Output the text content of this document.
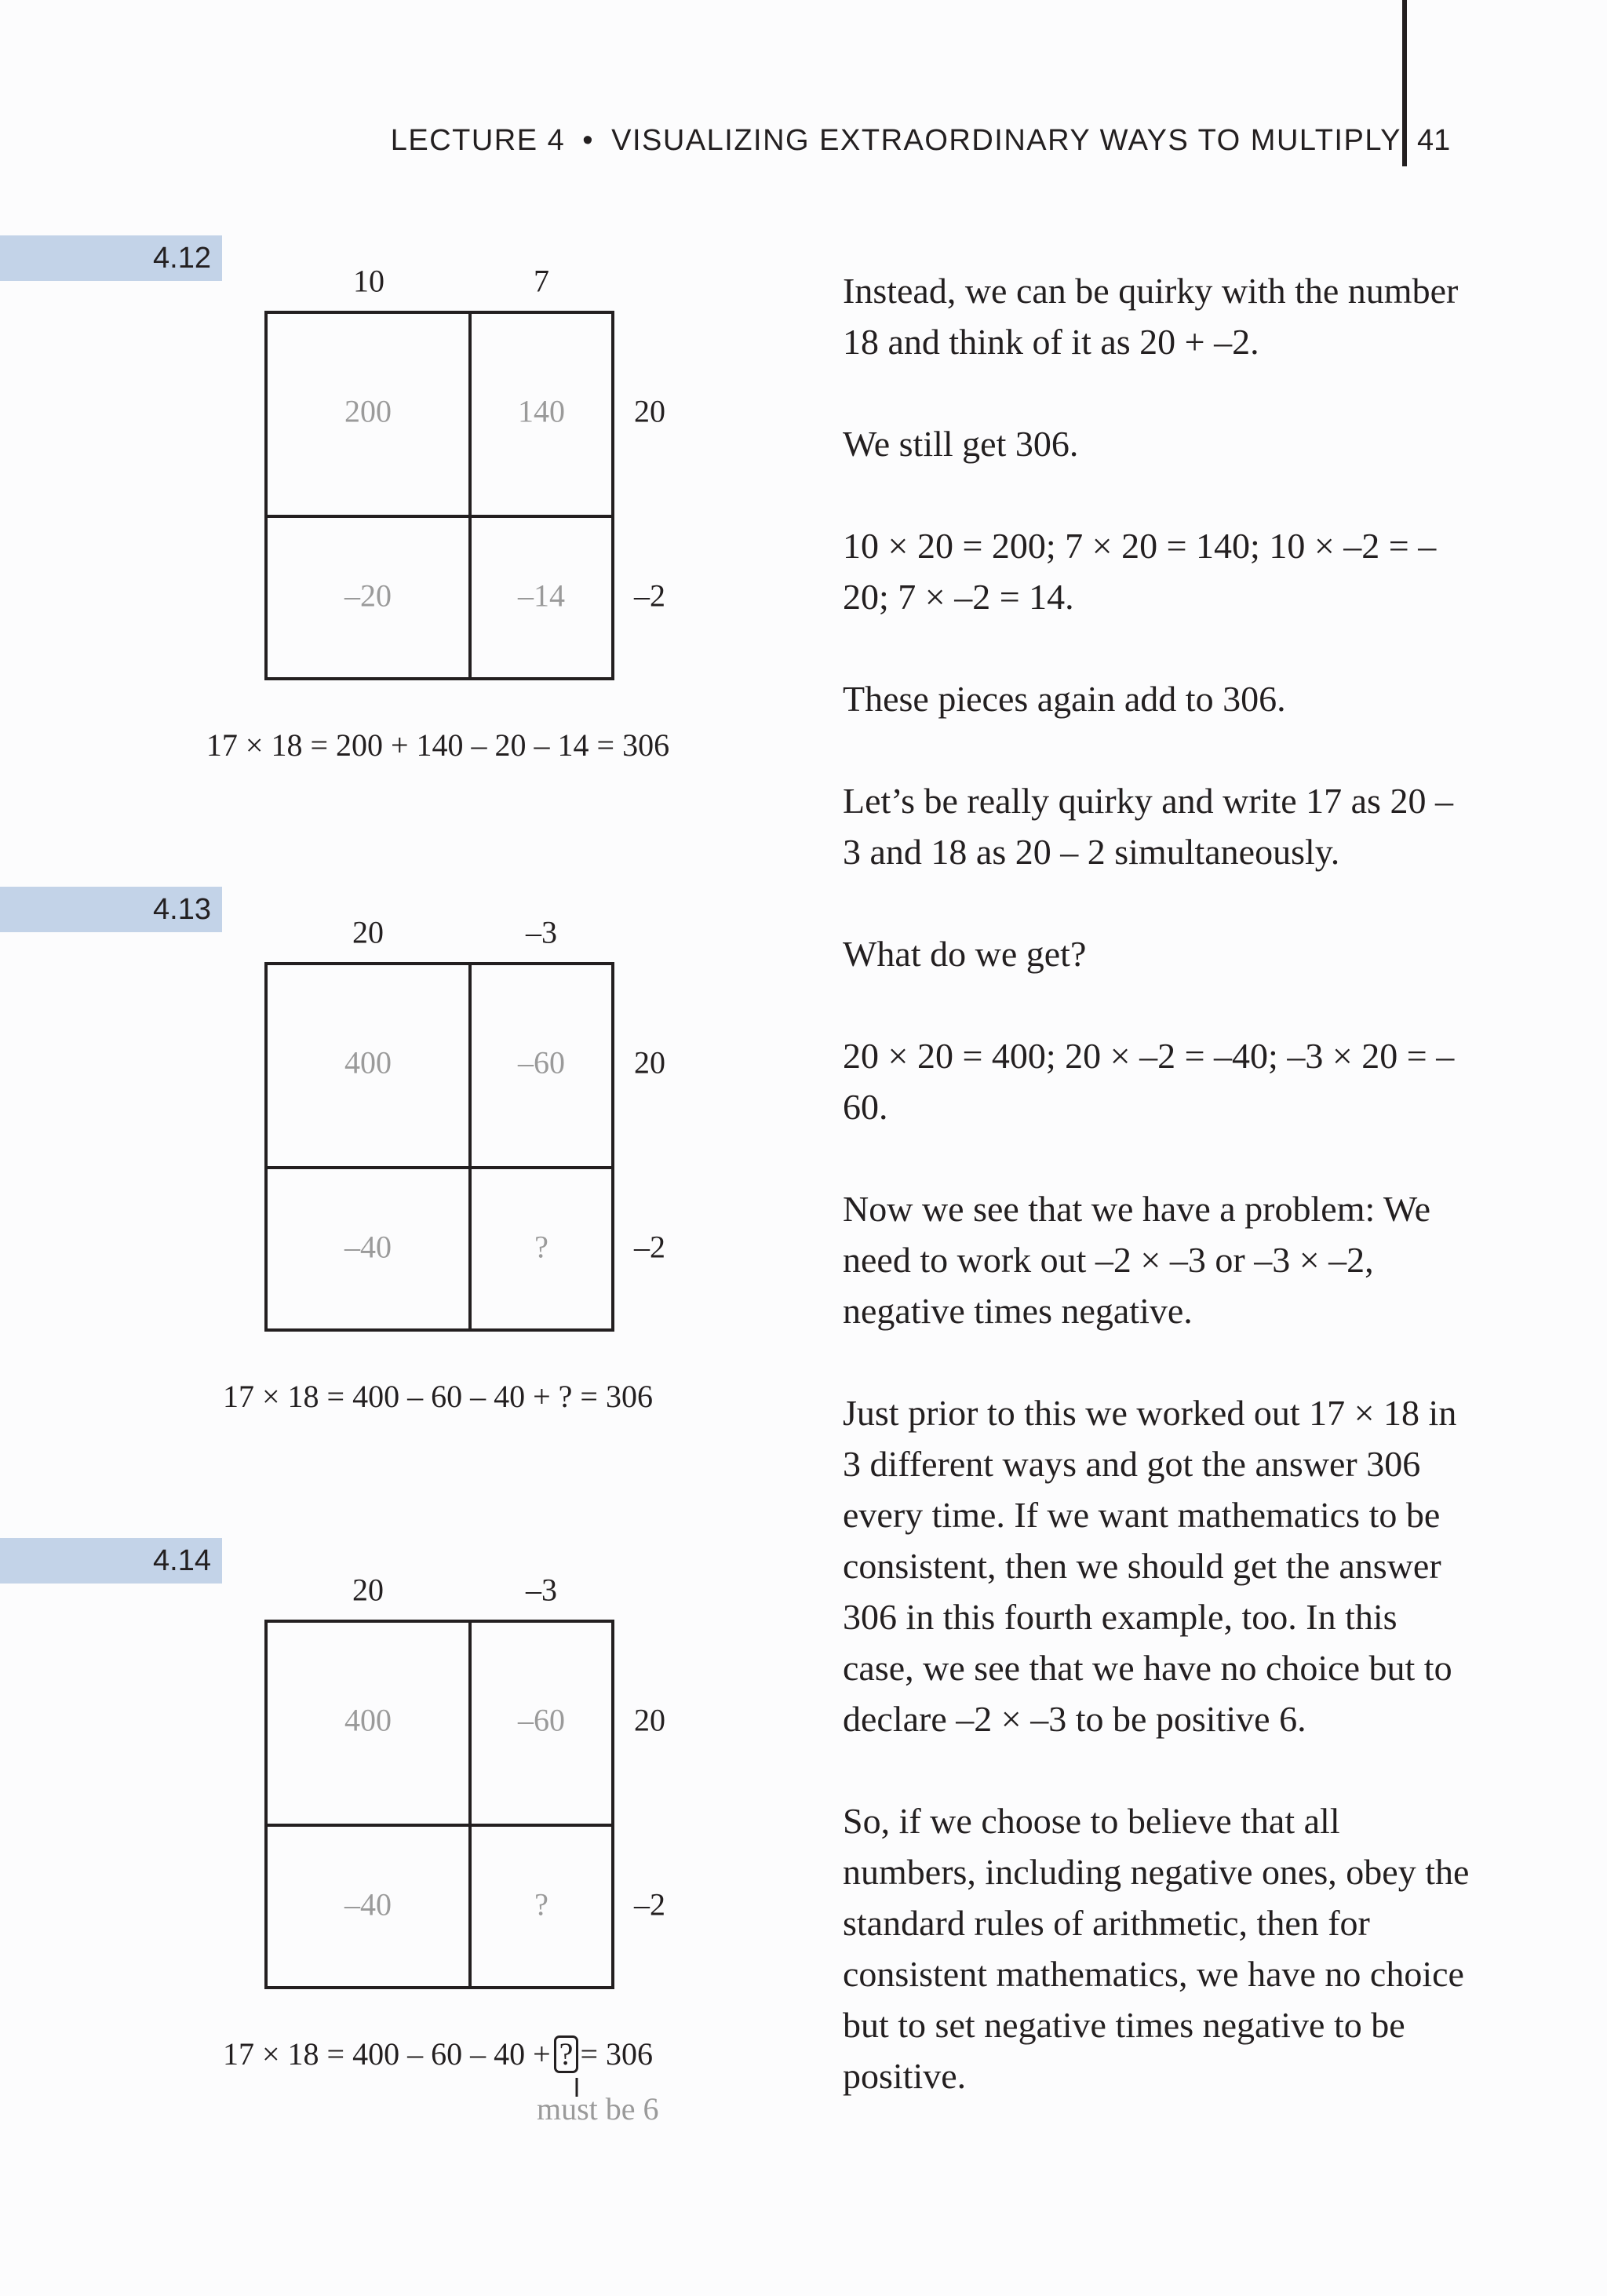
LECTURE 4 • VISUALIZING EXTRAORDINARY WAYS TO MULTIPLY 41
4.12
10	7
200	140
–20	–14
20
–2
17 × 18 = 200 + 140 – 20 – 14 = 306
4.13
20	–3
400	–60
–40	?
20
–2
17 × 18 = 400 – 60 – 40 + ? = 306
4.14
20	–3
400	–60
–40	?
20
–2
17 × 18 = 400 – 60 – 40 + ? = 306
must be 6

Instead, we can be quirky with the number 18 and think of it as 20 + –2.

We still get 306.

10 × 20 = 200; 7 × 20 = 140; 10 × –2 = –20; 7 × –2 = 14.

These pieces again add to 306.

Let’s be really quirky and write 17 as 20 – 3 and 18 as 20 – 2 simultaneously.

What do we get?

20 × 20 = 400; 20 × –2 = –40; –3 × 20 = –60.

Now we see that we have a problem: We need to work out –2 × –3 or –3 × –2, negative times negative.

Just prior to this we worked out 17 × 18 in 3 different ways and got the answer 306 every time. If we want mathematics to be consistent, then we should get the answer 306 in this fourth example, too. In this case, we see that we have no choice but to declare –2 × –3 to be positive 6.

So, if we choose to believe that all numbers, including negative ones, obey the standard rules of arithmetic, then for consistent mathematics, we have no choice but to set negative times negative to be positive.
